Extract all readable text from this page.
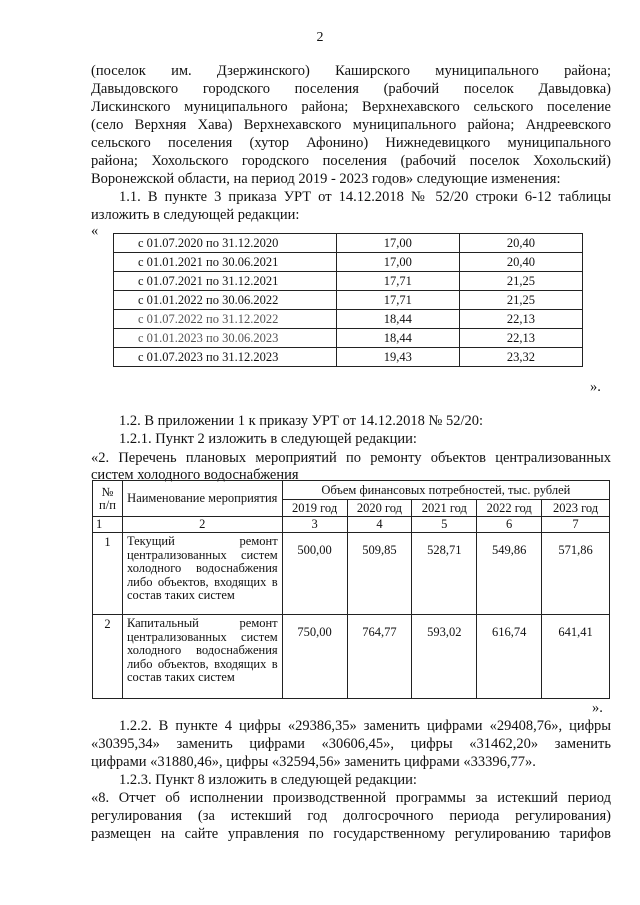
2
(поселок им. Дзержинского) Каширского муниципального района;
Давыдовского городского поселения (рабочий поселок Давыдовка)
Лискинского муниципального района; Верхнехавского сельского поселение
(село Верхняя Хава) Верхнехавского муниципального района; Андреевского
сельского поселения (хутор Афонино) Нижнедевицкого муниципального
района; Хохольского городского поселения (рабочий поселок Хохольский)
Воронежской области, на период 2019 - 2023 годов» следующие изменения:
1.1. В пункте 3 приказа УРТ от 14.12.2018 № 52/20 строки 6-12 таблицы
изложить в следующей редакции:
«
с 01.07.2020 по 31.12.2020	17,00	20,40
с 01.01.2021 по 30.06.2021	17,00	20,40
с 01.07.2021 по 31.12.2021	17,71	21,25
с 01.01.2022 по 30.06.2022	17,71	21,25
с 01.07.2022 по 31.12.2022	18,44	22,13
с 01.01.2023 по 30.06.2023	18,44	22,13
с 01.07.2023 по 31.12.2023	19,43	23,32
».
1.2. В приложении 1 к приказу УРТ от 14.12.2018 № 52/20:
1.2.1. Пункт 2 изложить в следующей редакции:
«2. Перечень плановых мероприятий по ремонту объектов централизованных
систем холодного водоснабжения
№ п/п	Наименование мероприятия	Объем финансовых потребностей, тыс. рублей				
		2019 год	2020 год	2021 год	2022 год	2023 год
1	2	3	4	5	6	7
1	Текущий ремонт централизованных систем холодного водоснабжения либо объектов, входящих в состав таких систем	500,00	509,85	528,71	549,86	571,86
2	Капитальный ремонт централизованных систем холодного водоснабжения либо объектов, входящих в состав таких систем	750,00	764,77	593,02	616,74	641,41
».
1.2.2. В пункте 4 цифры «29386,35» заменить цифрами «29408,76», цифры
«30395,34» заменить цифрами «30606,45», цифры «31462,20» заменить
цифрами «31880,46», цифры «32594,56» заменить цифрами «33396,77».
1.2.3. Пункт 8 изложить в следующей редакции:
«8. Отчет об исполнении производственной программы за истекший период
регулирования (за истекший год долгосрочного периода регулирования)
размещен на сайте управления по государственному регулированию тарифов
